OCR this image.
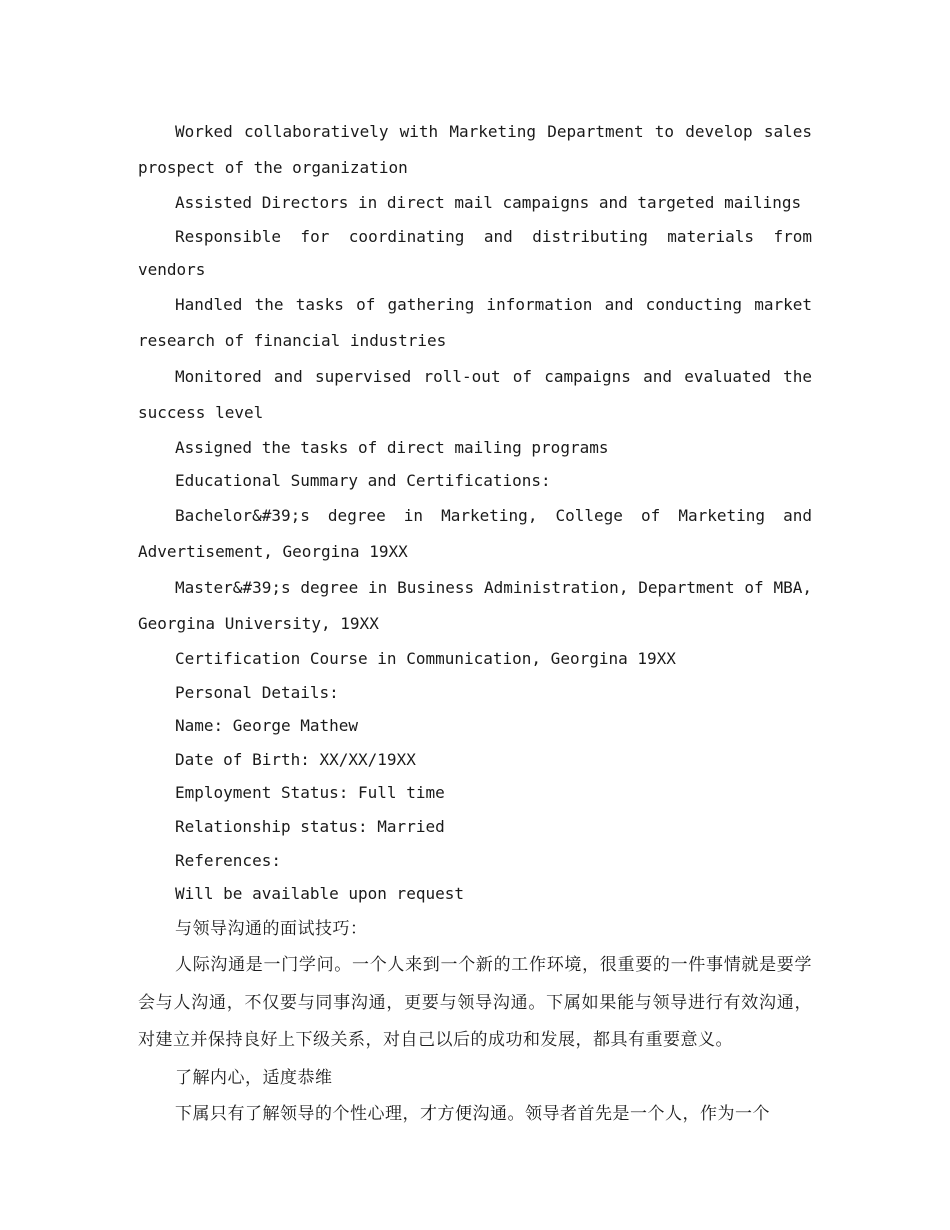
Worked collaboratively with Marketing Department to develop sales prospect of the organization

Assisted Directors in direct mail campaigns and targeted mailings

Responsible for coordinating and distributing materials from vendors

Handled the tasks of gathering information and conducting market research of financial industries

Monitored and supervised roll-out of campaigns and evaluated the success level

Assigned the tasks of direct mailing programs

Educational Summary and Certifications:

Bachelor&#39;s degree in Marketing, College of Marketing and Advertisement, Georgina 19XX

Master&#39;s degree in Business Administration, Department of MBA, Georgina University, 19XX

Certification Course in Communication, Georgina 19XX

Personal Details:

Name: George Mathew

Date of Birth: XX/XX/19XX

Employment Status: Full time

Relationship status: Married

References:

Will be available upon request

与领导沟通的面试技巧：

人际沟通是一门学问。一个人来到一个新的工作环境，很重要的一件事情就是要学会与人沟通，不仅要与同事沟通，更要与领导沟通。下属如果能与领导进行有效沟通，对建立并保持良好上下级关系，对自己以后的成功和发展，都具有重要意义。

了解内心，适度恭维

下属只有了解领导的个性心理，才方便沟通。领导者首先是一个人，作为一个
